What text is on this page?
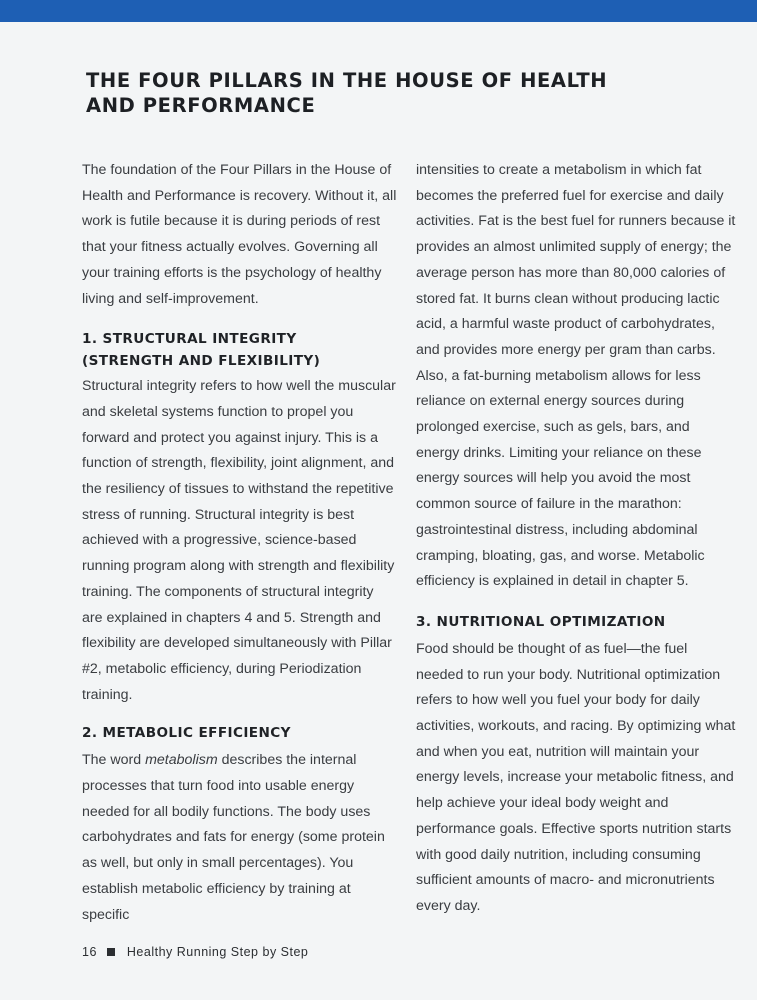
THE FOUR PILLARS IN THE HOUSE OF HEALTH
AND PERFORMANCE

The foundation of the Four Pillars in the House of Health and Performance is recovery. Without it, all work is futile because it is during periods of rest that your fitness actually evolves. Governing all your training efforts is the psychology of healthy living and self-improvement.

1. STRUCTURAL INTEGRITY
(STRENGTH AND FLEXIBILITY)

Structural integrity refers to how well the muscular and skeletal systems function to propel you forward and protect you against injury. This is a function of strength, flexibility, joint alignment, and the resiliency of tissues to withstand the repetitive stress of running. Structural integrity is best achieved with a progressive, science-based running program along with strength and flexibility training. The components of structural integrity are explained in chapters 4 and 5. Strength and flexibility are developed simultaneously with Pillar #2, metabolic efficiency, during Periodization training.

2. METABOLIC EFFICIENCY

The word metabolism describes the internal processes that turn food into usable energy needed for all bodily functions. The body uses carbohydrates and fats for energy (some protein as well, but only in small percentages). You establish metabolic efficiency by training at specific

intensities to create a metabolism in which fat becomes the preferred fuel for exercise and daily activities. Fat is the best fuel for runners because it provides an almost unlimited supply of energy; the average person has more than 80,000 calories of stored fat. It burns clean without producing lactic acid, a harmful waste product of carbohydrates, and provides more energy per gram than carbs. Also, a fat-burning metabolism allows for less reliance on external energy sources during prolonged exercise, such as gels, bars, and energy drinks. Limiting your reliance on these energy sources will help you avoid the most common source of failure in the marathon: gastrointestinal distress, including abdominal cramping, bloating, gas, and worse. Metabolic efficiency is explained in detail in chapter 5.

3. NUTRITIONAL OPTIMIZATION

Food should be thought of as fuel—the fuel needed to run your body. Nutritional optimization refers to how well you fuel your body for daily activities, workouts, and racing. By optimizing what and when you eat, nutrition will maintain your energy levels, increase your metabolic fitness, and help achieve your ideal body weight and performance goals. Effective sports nutrition starts with good daily nutrition, including consuming sufficient amounts of macro- and micronutrients every day.

16 Healthy Running Step by Step
